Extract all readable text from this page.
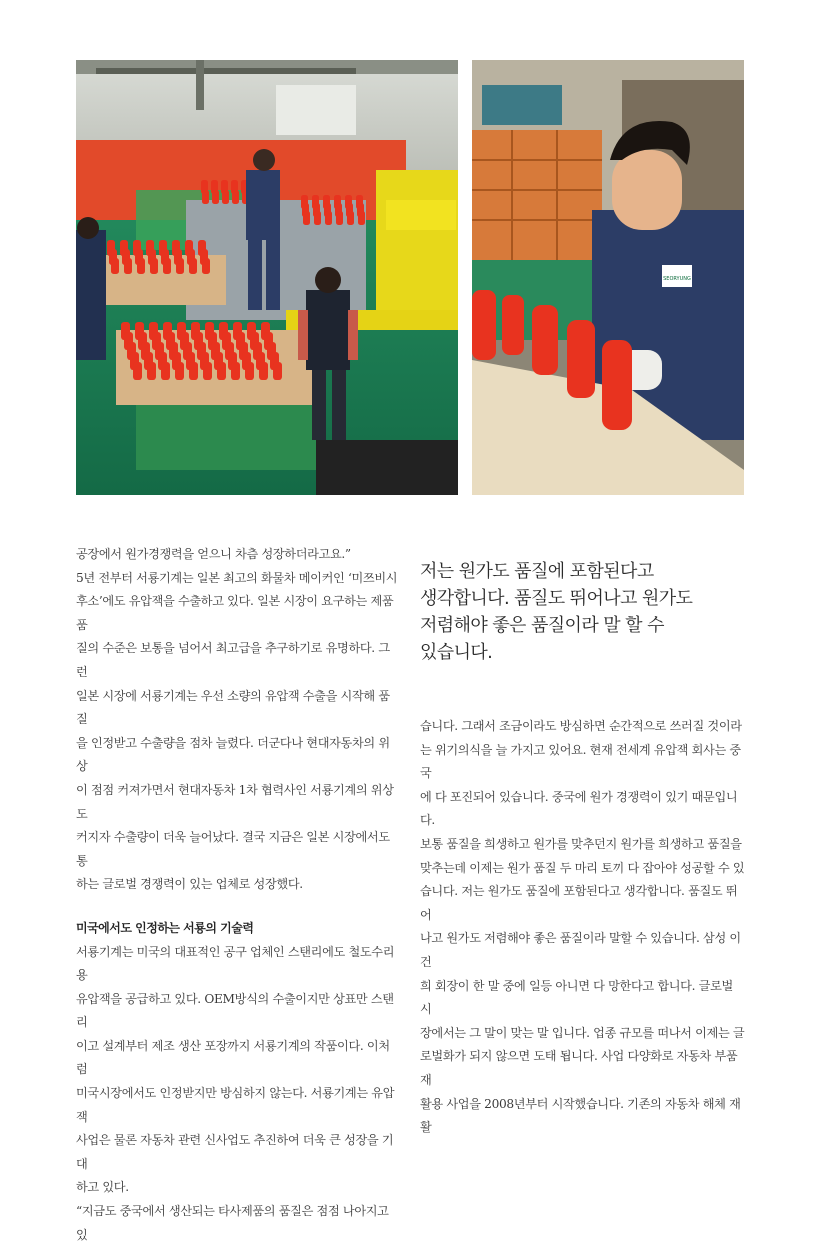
SEORYUNG

공장에서 원가경쟁력을 얻으니 차츰 성장하더라고요.”

5년 전부터 서룡기계는 일본 최고의 화물차 메이커인 ‘미쯔비시

후소’에도 유압잭을 수출하고 있다. 일본 시장이 요구하는 제품 품

질의 수준은 보통을 넘어서 최고급을 추구하기로 유명하다. 그런

일본 시장에 서룡기계는 우선 소량의 유압잭 수출을 시작해 품질

을 인정받고 수출량을 점차 늘렸다. 더군다나 현대자동차의 위상

이 점점 커져가면서 현대자동차 1차 협력사인 서룡기계의 위상도

커지자 수출량이 더욱 늘어났다. 결국 지금은 일본 시장에서도 통

하는 글로벌 경쟁력이 있는 업체로 성장했다.

미국에서도 인정하는 서룡의 기술력

서룡기계는 미국의 대표적인 공구 업체인 스탠리에도 철도수리용

유압잭을 공급하고 있다. OEM방식의 수출이지만 상표만 스탠리

이고 설계부터 제조 생산 포장까지 서룡기계의 작품이다. 이처럼

미국시장에서도 인정받지만 방심하지 않는다. 서룡기계는 유압잭

사업은 물론 자동차 관련 신사업도 추진하여 더욱 큰 성장을 기대

하고 있다.

“지금도 중국에서 생산되는 타사제품의 품질은 점점 나아지고 있

저는 원가도 품질에 포함된다고

생각합니다. 품질도 뛰어나고 원가도

저렴해야 좋은 품질이라 말 할 수

있습니다.

습니다. 그래서 조금이라도 방심하면 순간적으로 쓰러질 것이라

는 위기의식을 늘 가지고 있어요. 현재 전세계 유압잭 회사는 중국

에 다 포진되어 있습니다. 중국에 원가 경쟁력이 있기 때문입니다.

보통 품질을 희생하고 원가를 맞추던지 원가를 희생하고 품질을

맞추는데 이제는 원가 품질 두 마리 토끼 다 잡아야 성공할 수 있

습니다. 저는 원가도 품질에 포함된다고 생각합니다. 품질도 뛰어

나고 원가도 저렴해야 좋은 품질이라 말할 수 있습니다. 삼성 이건

희 회장이 한 말 중에 일등 아니면 다 망한다고 합니다. 글로벌 시

장에서는 그 말이 맞는 말 입니다. 업종 규모를 떠나서 이제는 글

로벌화가 되지 않으면 도태 됩니다. 사업 다양화로 자동차 부품 재

활용 사업을 2008년부터 시작했습니다. 기존의 자동차 해체 재활
